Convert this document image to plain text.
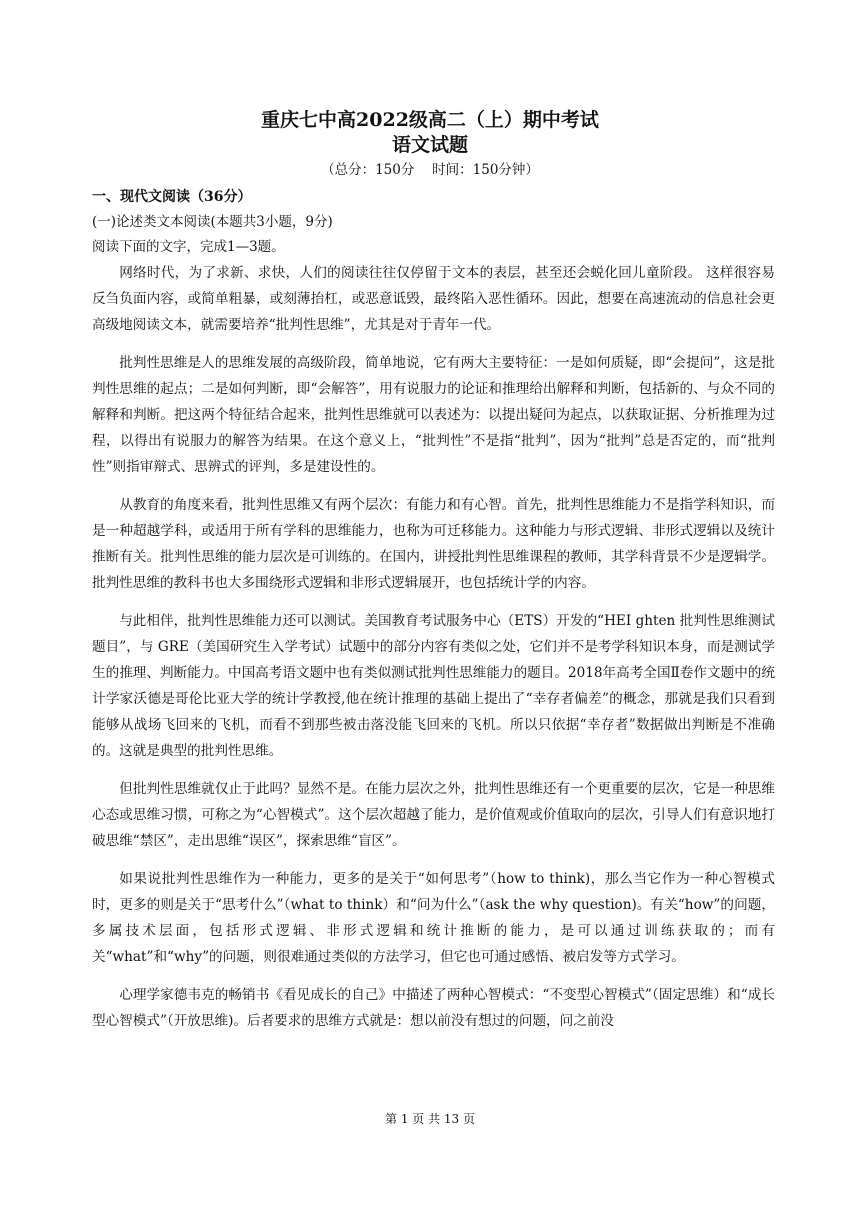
重庆七中高2022级高二（上）期中考试
语文试题
（总分：150分　 时间：150分钟）

一、现代文阅读（36分）

(一)论述类文本阅读(本题共3小题，9分)

阅读下面的文字，完成1—3题。

网络时代，为了求新、求快，人们的阅读往往仅停留于文本的表层，甚至还会蜕化回儿童阶段。 这样很容易反刍负面内容，或简单粗暴，或刻薄抬杠，或恶意诋毁，最终陷入恶性循环。因此，想要在高速流动的信息社会更高级地阅读文本，就需要培养“批判性思维”，尤其是对于青年一代。

批判性思维是人的思维发展的高级阶段，简单地说，它有两大主要特征：一是如何质疑，即“会提问”，这是批判性思维的起点；二是如何判断，即“会解答”，用有说服力的论证和推理给出解释和判断，包括新的、与众不同的解释和判断。把这两个特征结合起来，批判性思维就可以表述为：以提出疑问为起点，以获取证据、分析推理为过程，以得出有说服力的解答为结果。在这个意义上，“批判性”不是指“批判”，因为“批判”总是否定的，而“批判性”则指审辩式、思辨式的评判，多是建设性的。

从教育的角度来看，批判性思维又有两个层次：有能力和有心智。首先，批判性思维能力不是指学科知识，而是一种超越学科，或适用于所有学科的思维能力，也称为可迁移能力。这种能力与形式逻辑、非形式逻辑以及统计推断有关。批判性思维的能力层次是可训练的。在国内，讲授批判性思维课程的教师，其学科背景不少是逻辑学。批判性思维的教科书也大多围绕形式逻辑和非形式逻辑展开，也包括统计学的内容。

与此相伴，批判性思维能力还可以测试。美国教育考试服务中心（ETS）开发的“HEI ghten 批判性思维测试题目”，与 GRE（美国研究生入学考试）试题中的部分内容有类似之处，它们并不是考学科知识本身，而是测试学生的推理、判断能力。中国高考语文题中也有类似测试批判性思维能力的题目。2018年高考全国Ⅱ卷作文题中的统计学家沃德是哥伦比亚大学的统计学教授,他在统计推理的基础上提出了“幸存者偏差”的概念，那就是我们只看到能够从战场飞回来的飞机，而看不到那些被击落没能飞回来的飞机。所以只依据“幸存者”数据做出判断是不准确的。这就是典型的批判性思维。

但批判性思维就仅止于此吗？显然不是。在能力层次之外，批判性思维还有一个更重要的层次，它是一种思维心态或思维习惯，可称之为“心智模式”。这个层次超越了能力，是价值观或价值取向的层次，引导人们有意识地打破思维“禁区”，走出思维“误区”，探索思维“盲区”。

如果说批判性思维作为一种能力，更多的是关于“如何思考”（how to think)，那么当它作为一种心智模式时，更多的则是关于“思考什么”（what to think）和“问为什么”（ask the why question)。有关“how”的问题，多属技术层面，包括形式逻辑、非形式逻辑和统计推断的能力，是可以通过训练获取的；而有关“what”和“why”的问题，则很难通过类似的方法学习，但它也可通过感悟、被启发等方式学习。

心理学家德韦克的畅销书《看见成长的自己》中描述了两种心智模式：“不变型心智模式”（固定思维）和“成长型心智模式”（开放思维)。后者要求的思维方式就是：想以前没有想过的问题，问之前没

第 1 页 共 13 页
